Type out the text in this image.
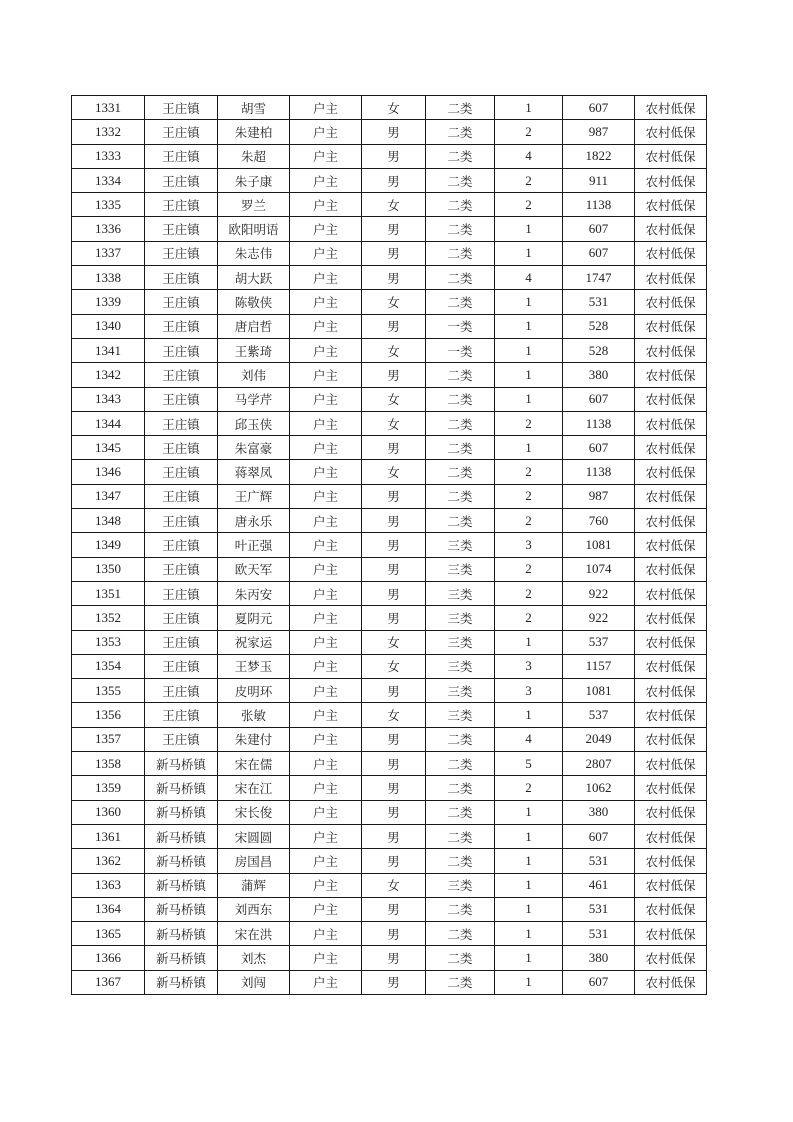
1331	王庄镇	胡雪	户主	女	二类	1	607	农村低保
1332	王庄镇	朱建柏	户主	男	二类	2	987	农村低保
1333	王庄镇	朱超	户主	男	二类	4	1822	农村低保
1334	王庄镇	朱子康	户主	男	二类	2	911	农村低保
1335	王庄镇	罗兰	户主	女	二类	2	1138	农村低保
1336	王庄镇	欧阳明语	户主	男	二类	1	607	农村低保
1337	王庄镇	朱志伟	户主	男	二类	1	607	农村低保
1338	王庄镇	胡大跃	户主	男	二类	4	1747	农村低保
1339	王庄镇	陈敬侠	户主	女	二类	1	531	农村低保
1340	王庄镇	唐启哲	户主	男	一类	1	528	农村低保
1341	王庄镇	王紫琦	户主	女	一类	1	528	农村低保
1342	王庄镇	刘伟	户主	男	二类	1	380	农村低保
1343	王庄镇	马学芹	户主	女	二类	1	607	农村低保
1344	王庄镇	邱玉侠	户主	女	二类	2	1138	农村低保
1345	王庄镇	朱富豪	户主	男	二类	1	607	农村低保
1346	王庄镇	蒋翠凤	户主	女	二类	2	1138	农村低保
1347	王庄镇	王广辉	户主	男	二类	2	987	农村低保
1348	王庄镇	唐永乐	户主	男	二类	2	760	农村低保
1349	王庄镇	叶正强	户主	男	三类	3	1081	农村低保
1350	王庄镇	欧天军	户主	男	三类	2	1074	农村低保
1351	王庄镇	朱丙安	户主	男	三类	2	922	农村低保
1352	王庄镇	夏阴元	户主	男	三类	2	922	农村低保
1353	王庄镇	祝家运	户主	女	三类	1	537	农村低保
1354	王庄镇	王梦玉	户主	女	三类	3	1157	农村低保
1355	王庄镇	皮明环	户主	男	三类	3	1081	农村低保
1356	王庄镇	张敏	户主	女	三类	1	537	农村低保
1357	王庄镇	朱建付	户主	男	二类	4	2049	农村低保
1358	新马桥镇	宋在儒	户主	男	二类	5	2807	农村低保
1359	新马桥镇	宋在江	户主	男	二类	2	1062	农村低保
1360	新马桥镇	宋长俊	户主	男	二类	1	380	农村低保
1361	新马桥镇	宋圆圆	户主	男	二类	1	607	农村低保
1362	新马桥镇	房国昌	户主	男	二类	1	531	农村低保
1363	新马桥镇	蒲辉	户主	女	三类	1	461	农村低保
1364	新马桥镇	刘西东	户主	男	二类	1	531	农村低保
1365	新马桥镇	宋在洪	户主	男	二类	1	531	农村低保
1366	新马桥镇	刘杰	户主	男	二类	1	380	农村低保
1367	新马桥镇	刘闯	户主	男	二类	1	607	农村低保
